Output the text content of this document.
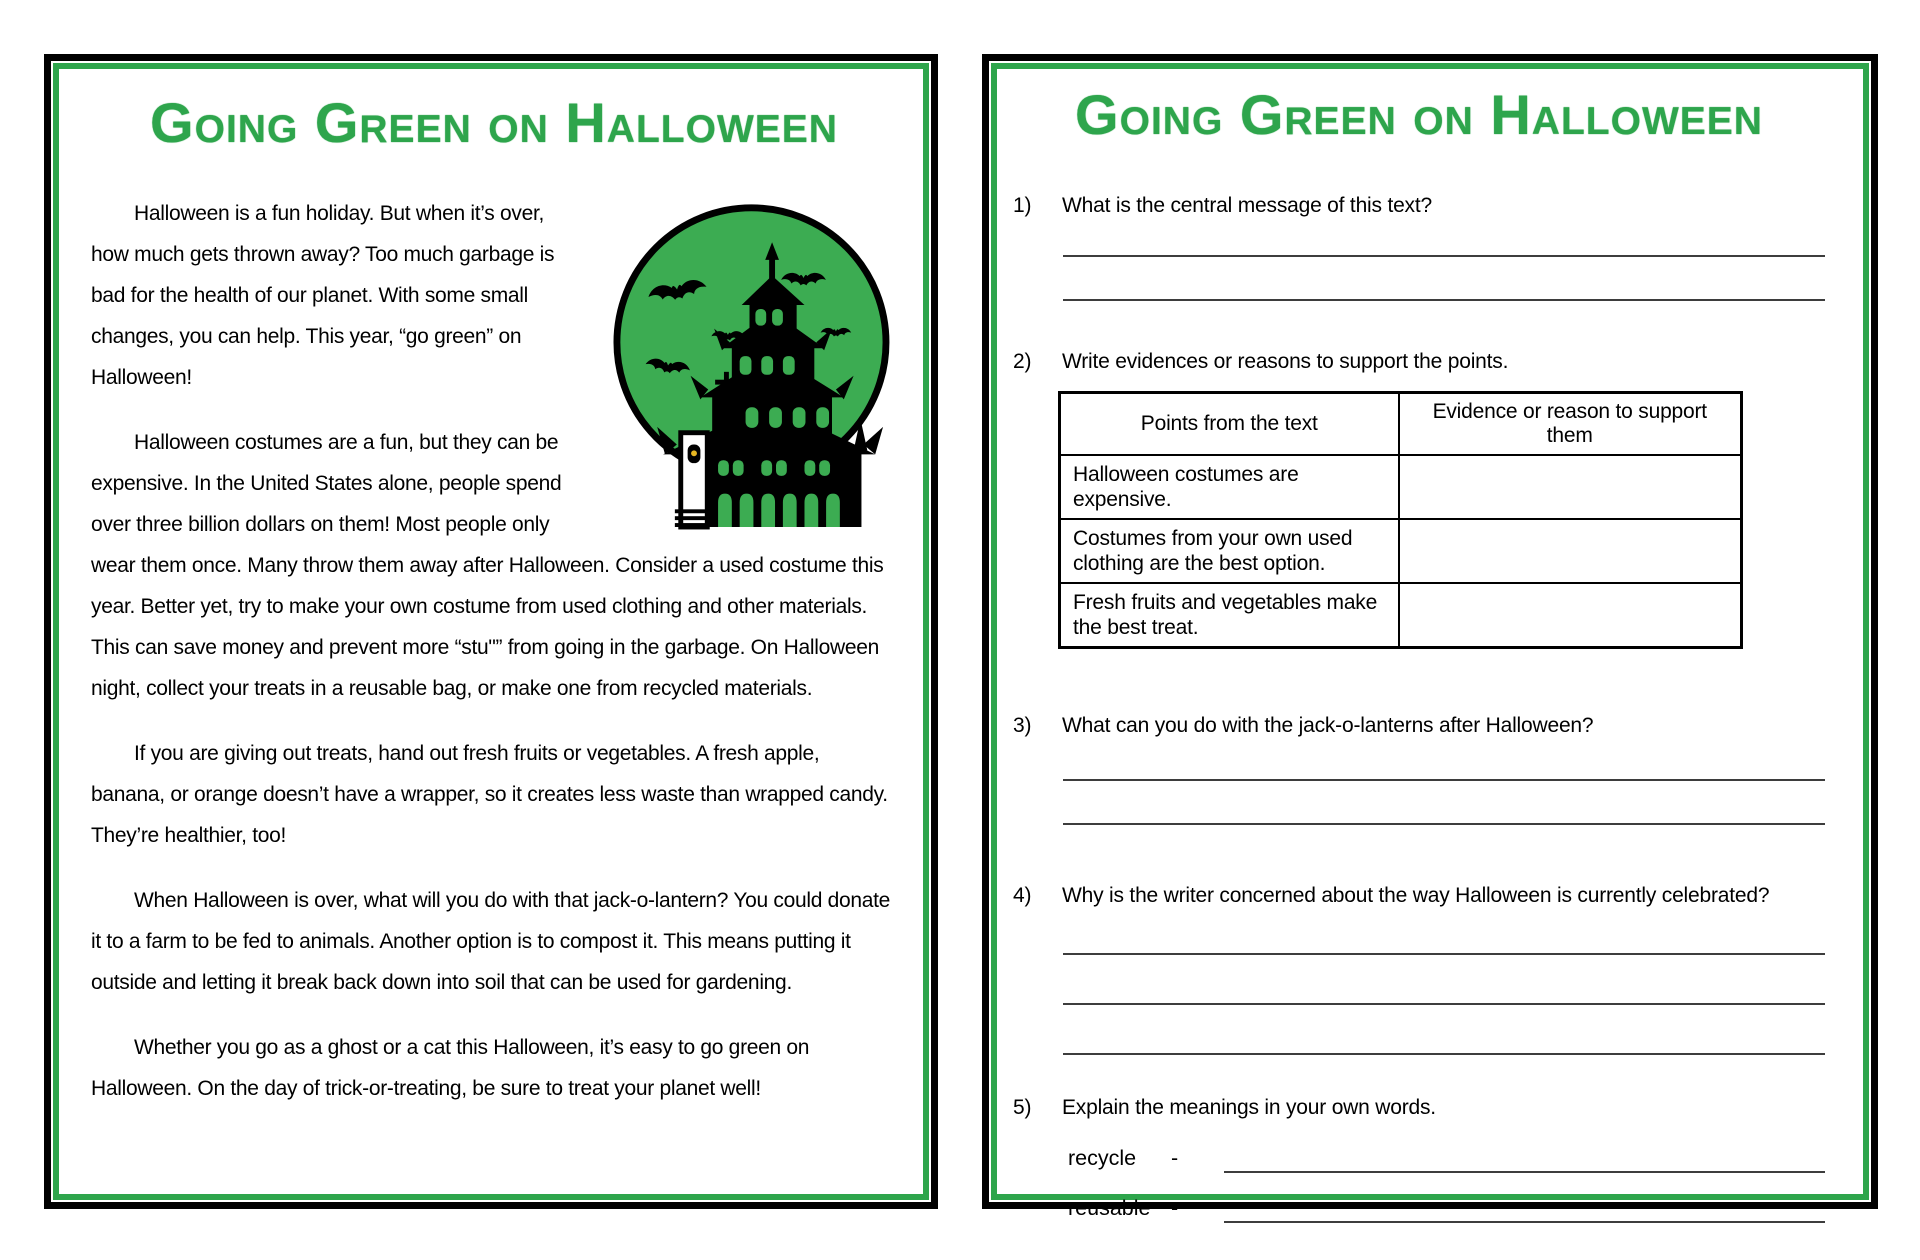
Going Green on Halloween

Halloween is a fun holiday. But when it’s over, how much gets thrown away? Too much garbage is bad for the health of our planet. With some small changes, you can help. This year, “go green” on Halloween!

Halloween costumes are a fun, but they can be expensive. In the United States alone, people spend over three billion dollars on them! Most people only wear them once. Many throw them away after Halloween. Consider a used costume this year. Better yet, try to make your own costume from used clothing and other materials. This can save money and prevent more “stu"” from going in the garbage. On Halloween night, collect your treats in a reusable bag, or make one from recycled materials.

If you are giving out treats, hand out fresh fruits or vegetables. A fresh apple, banana, or orange doesn’t have a wrapper, so it creates less waste than wrapped candy. They’re healthier, too!

When Halloween is over, what will you do with that jack-o-lantern? You could donate it to a farm to be fed to animals. Another option is to compost it. This means putting it outside and letting it break back down into soil that can be used for gardening.

Whether you go as a ghost or a cat this Halloween, it’s easy to go green on Halloween. On the day of trick-or-treating, be sure to treat your planet well!

Going Green on Halloween
1)	What is the central message of this text?
2)	Write evidences or reasons to support the points.
Points from the text	Evidence or reason to support them
Halloween costumes are expensive.	
Costumes from your own used clothing are the best option.	
Fresh fruits and vegetables make the best treat.	
3)	What can you do with the jack-o-lanterns after Halloween?
4)	Why is the writer concerned about the way Halloween is currently celebrated?
5)	Explain the meanings in your own words.
recycle	-
reusable -
